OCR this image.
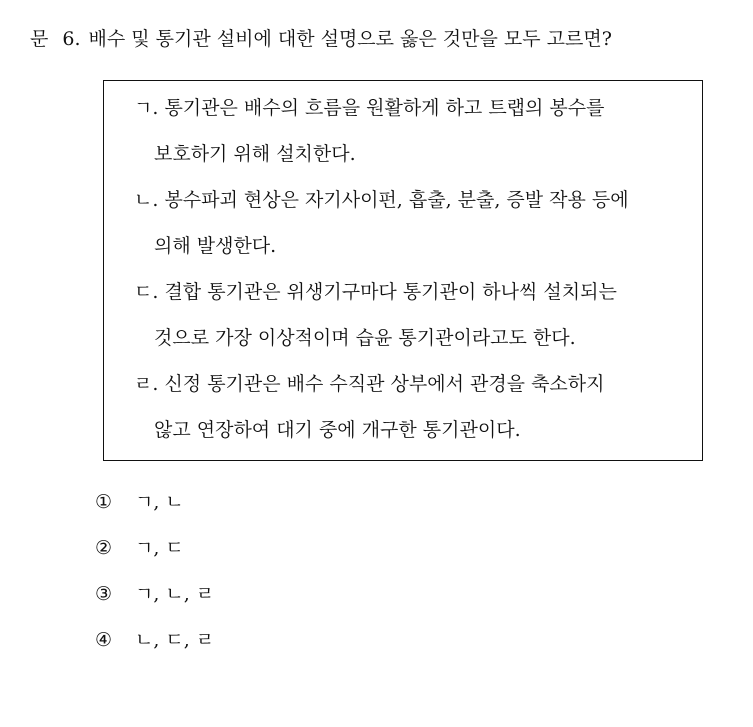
문 6. 배수 및 통기관 설비에 대한 설명으로 옳은 것만을 모두 고르면?
ㄱ. 통기관은 배수의 흐름을 원활하게 하고 트랩의 봉수를
보호하기 위해 설치한다.
ㄴ. 봉수파괴 현상은 자기사이펀, 흡출, 분출, 증발 작용 등에
의해 발생한다.
ㄷ. 결합 통기관은 위생기구마다 통기관이 하나씩 설치되는
것으로 가장 이상적이며 습윤 통기관이라고도 한다.
ㄹ. 신정 통기관은 배수 수직관 상부에서 관경을 축소하지
않고 연장하여 대기 중에 개구한 통기관이다.
① ㄱ, ㄴ
② ㄱ, ㄷ
③ ㄱ, ㄴ, ㄹ
④ ㄴ, ㄷ, ㄹ
